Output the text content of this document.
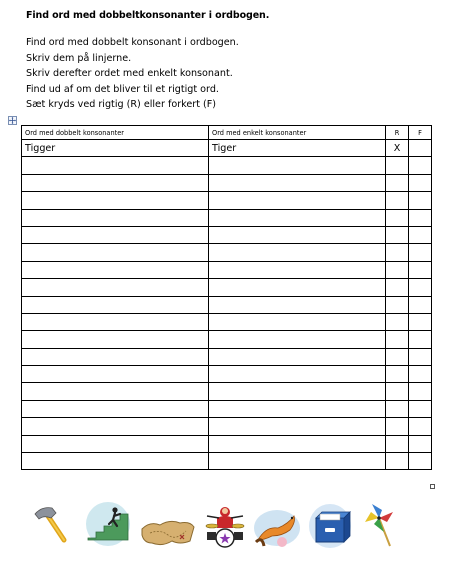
Find ord med dobbeltkonsonanter i ordbogen.
Find ord med dobbelt konsonant i ordbogen.
Skriv dem på linjerne.
Skriv derefter ordet med enkelt konsonant.
Find ud af om det bliver til et rigtigt ord.
Sæt kryds ved rigtig (R) eller forkert (F)
Ord med dobbelt konsonanter	Ord med enkelt konsonanter	R	F
Tigger	Tiger	X	
